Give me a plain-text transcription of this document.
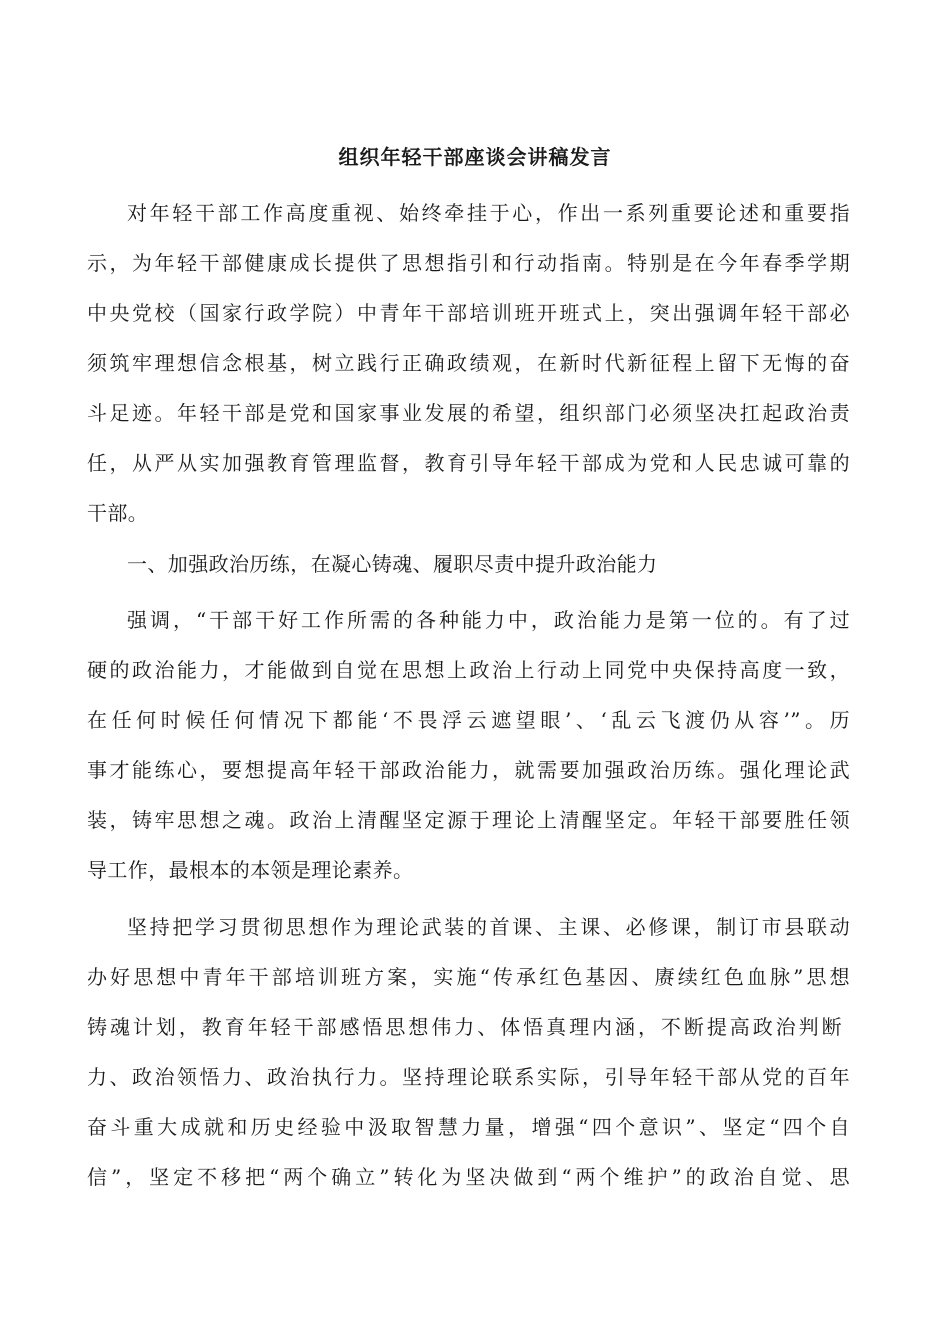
组织年轻干部座谈会讲稿发言
对年轻干部工作高度重视、始终牵挂于心，作出一系列重要论述和重要指
示，为年轻干部健康成长提供了思想指引和行动指南。特别是在今年春季学期
中央党校（国家行政学院）中青年干部培训班开班式上，突出强调年轻干部必
须筑牢理想信念根基，树立践行正确政绩观，在新时代新征程上留下无悔的奋
斗足迹。年轻干部是党和国家事业发展的希望，组织部门必须坚决扛起政治责
任，从严从实加强教育管理监督，教育引导年轻干部成为党和人民忠诚可靠的
干部。
一、加强政治历练，在凝心铸魂、履职尽责中提升政治能力
强调，“干部干好工作所需的各种能力中，政治能力是第一位的。有了过
硬的政治能力，才能做到自觉在思想上政治上行动上同党中央保持高度一致，
在任何时候任何情况下都能‘不畏浮云遮望眼’、‘乱云飞渡仍从容’”。历
事才能练心，要想提高年轻干部政治能力，就需要加强政治历练。强化理论武
装，铸牢思想之魂。政治上清醒坚定源于理论上清醒坚定。年轻干部要胜任领
导工作，最根本的本领是理论素养。
坚持把学习贯彻思想作为理论武装的首课、主课、必修课，制订市县联动
办好思想中青年干部培训班方案，实施“传承红色基因、赓续红色血脉”思想
铸魂计划，教育年轻干部感悟思想伟力、体悟真理内涵，不断提高政治判断
力、政治领悟力、政治执行力。坚持理论联系实际，引导年轻干部从党的百年
奋斗重大成就和历史经验中汲取智慧力量，增强“四个意识”、坚定“四个自
信”，坚定不移把“两个确立”转化为坚决做到“两个维护”的政治自觉、思
